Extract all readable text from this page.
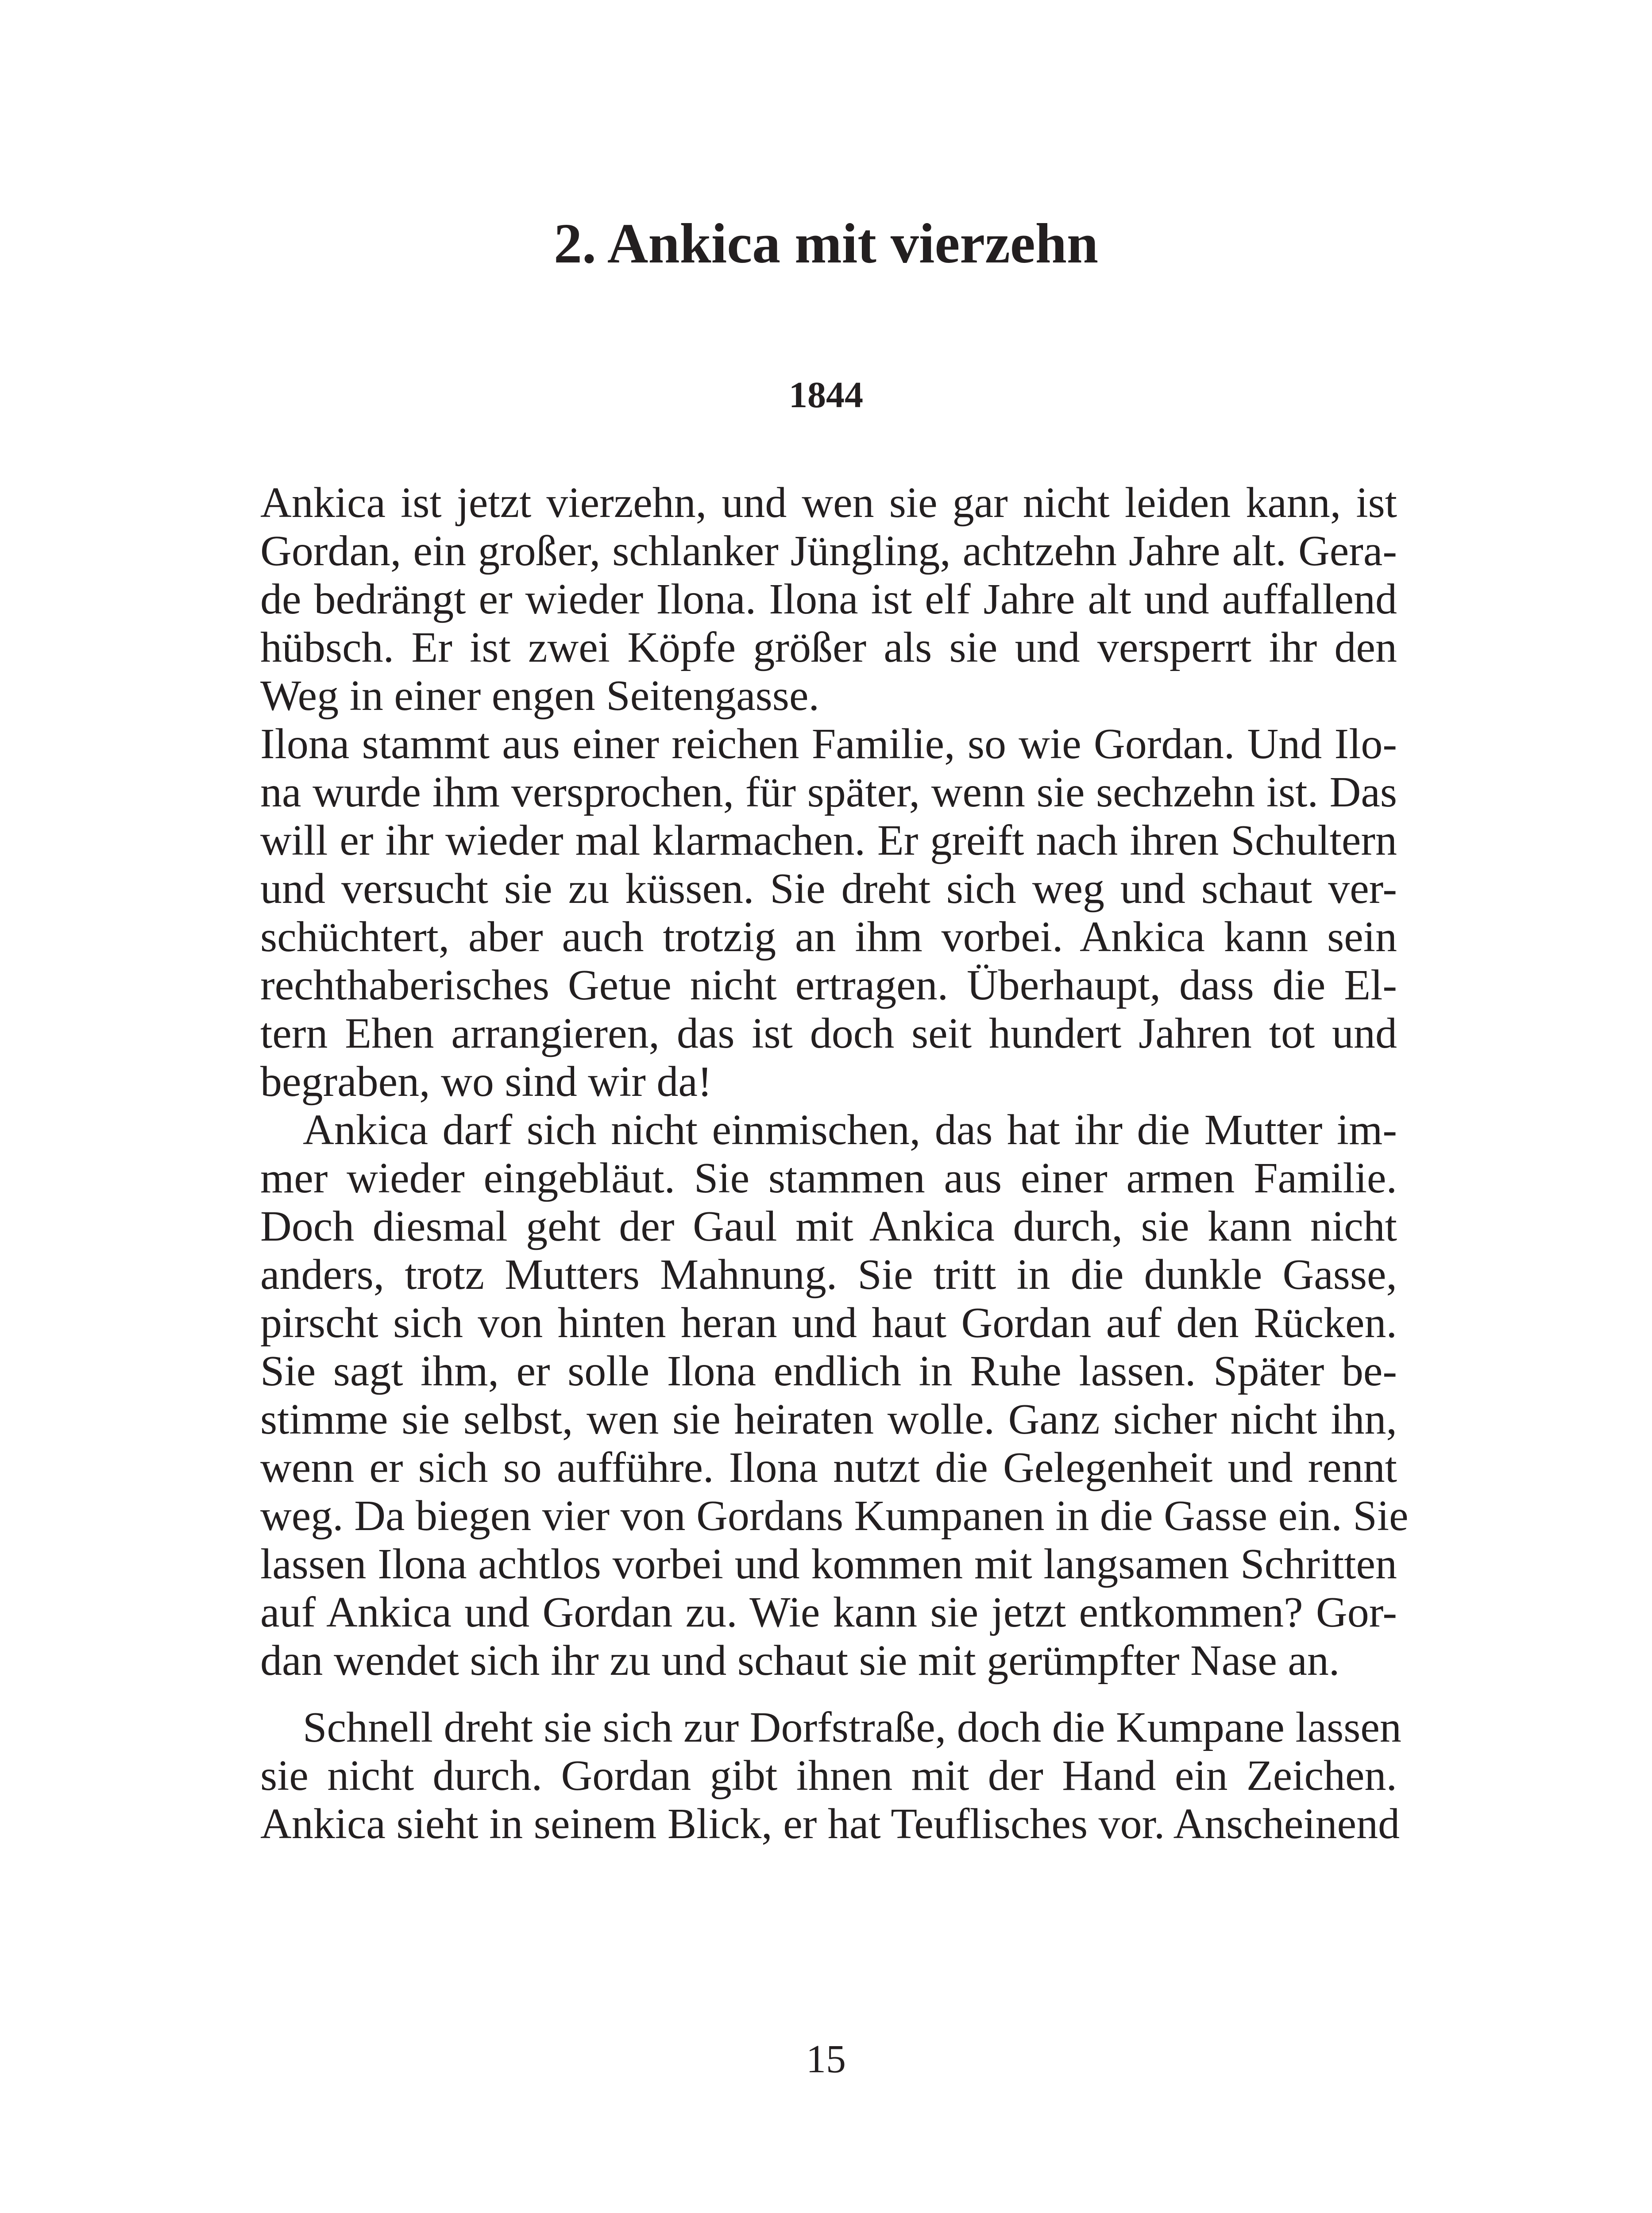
2. Ankica mit vierzehn
1844
Ankica ist jetzt vierzehn, und wen sie gar nicht leiden kann, ist
Gordan, ein großer, schlanker Jüngling, achtzehn Jahre alt. Gera-
de bedrängt er wieder Ilona. Ilona ist elf Jahre alt und auffallend
hübsch. Er ist zwei Köpfe größer als sie und versperrt ihr den
Weg in einer engen Seitengasse.
Ilona stammt aus einer reichen Familie, so wie Gordan. Und Ilo-
na wurde ihm versprochen, für später, wenn sie sechzehn ist. Das
will er ihr wieder mal klarmachen. Er greift nach ihren Schultern
und versucht sie zu küssen. Sie dreht sich weg und schaut ver-
schüchtert, aber auch trotzig an ihm vorbei. Ankica kann sein
rechthaberisches Getue nicht ertragen. Überhaupt, dass die El-
tern Ehen arrangieren, das ist doch seit hundert Jahren tot und
begraben, wo sind wir da!
Ankica darf sich nicht einmischen, das hat ihr die Mutter im-
mer wieder eingebläut. Sie stammen aus einer armen Familie.
Doch diesmal geht der Gaul mit Ankica durch, sie kann nicht
anders, trotz Mutters Mahnung. Sie tritt in die dunkle Gasse,
pirscht sich von hinten heran und haut Gordan auf den Rücken.
Sie sagt ihm, er solle Ilona endlich in Ruhe lassen. Später be-
stimme sie selbst, wen sie heiraten wolle. Ganz sicher nicht ihn,
wenn er sich so aufführe. Ilona nutzt die Gelegenheit und rennt
weg. Da biegen vier von Gordans Kumpanen in die Gasse ein. Sie
lassen Ilona achtlos vorbei und kommen mit langsamen Schritten
auf Ankica und Gordan zu. Wie kann sie jetzt entkommen? Gor-
dan wendet sich ihr zu und schaut sie mit gerümpfter Nase an.
Schnell dreht sie sich zur Dorfstraße, doch die Kumpane lassen
sie nicht durch. Gordan gibt ihnen mit der Hand ein Zeichen.
Ankica sieht in seinem Blick, er hat Teuflisches vor. Anscheinend
15
